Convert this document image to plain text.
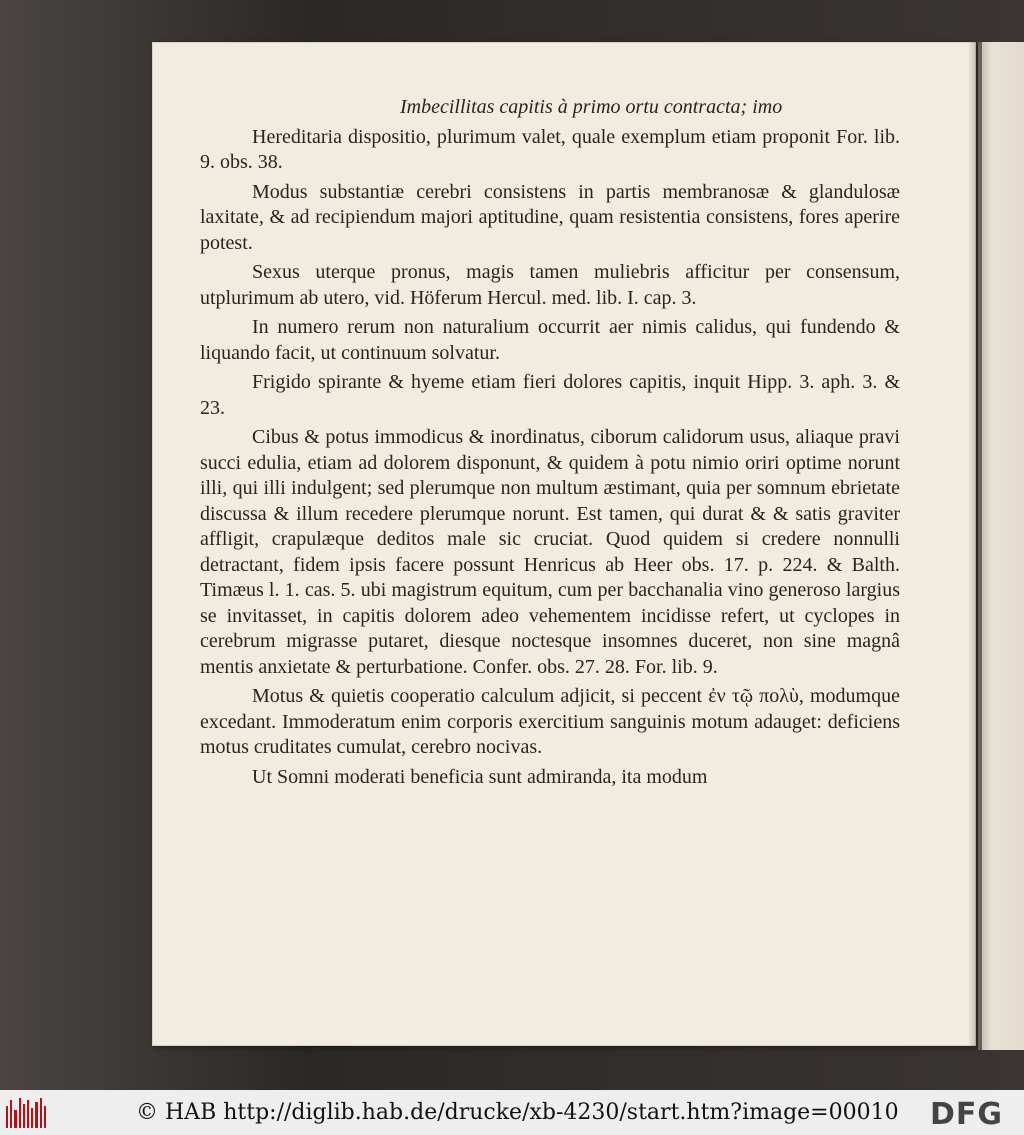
Imbecillitas capitis à primo ortu contracta; imo

Hereditaria dispositio, plurimum valet, quale exemplum etiam proponit For. lib. 9. obs. 38.

Modus substantiæ cerebri consistens in partis membranosæ & glandulosæ laxitate, & ad recipiendum majori aptitudine, quam resistentia consistens, fores aperire potest.

Sexus uterque pronus, magis tamen muliebris afficitur per consensum, utplurimum ab utero, vid. Höferum Hercul. med. lib. I. cap. 3.

In numero rerum non naturalium occurrit aer nimis calidus, qui fundendo & liquando facit, ut continuum solvatur.

Frigido spirante & hyeme etiam fieri dolores capitis, inquit Hipp. 3. aph. 3. & 23.

Cibus & potus immodicus & inordinatus, ciborum calidorum usus, aliaque pravi succi edulia, etiam ad dolorem disponunt, & quidem à potu nimio oriri optime norunt illi, qui illi indulgent; sed plerumque non multum æstimant, quia per somnum ebrietate discussa & illum recedere plerumque norunt. Est tamen, qui durat & & satis graviter affligit, crapulæque deditos male sic cruciat. Quod quidem si credere nonnulli detractant, fidem ipsis facere possunt Henricus ab Heer obs. 17. p. 224. & Balth. Timæus l. 1. cas. 5. ubi magistrum equitum, cum per bacchanalia vino generoso largius se invitasset, in capitis dolorem adeo vehementem incidisse refert, ut cyclopes in cerebrum migrasse putaret, diesque noctesque insomnes duceret, non sine magnâ mentis anxietate & perturbatione. Confer. obs. 27. 28. For. lib. 9.

Motus & quietis cooperatio calculum adjicit, si peccent ἐν τῷ πολὺ, modumque excedant. Immoderatum enim corporis exercitium sanguinis motum adauget: deficiens motus cruditates cumulat, cerebro nocivas.

Ut Somni moderati beneficia sunt admiranda, ita modum

© HAB http://diglib.hab.de/drucke/xb-4230/start.htm?image=00010 DFG
